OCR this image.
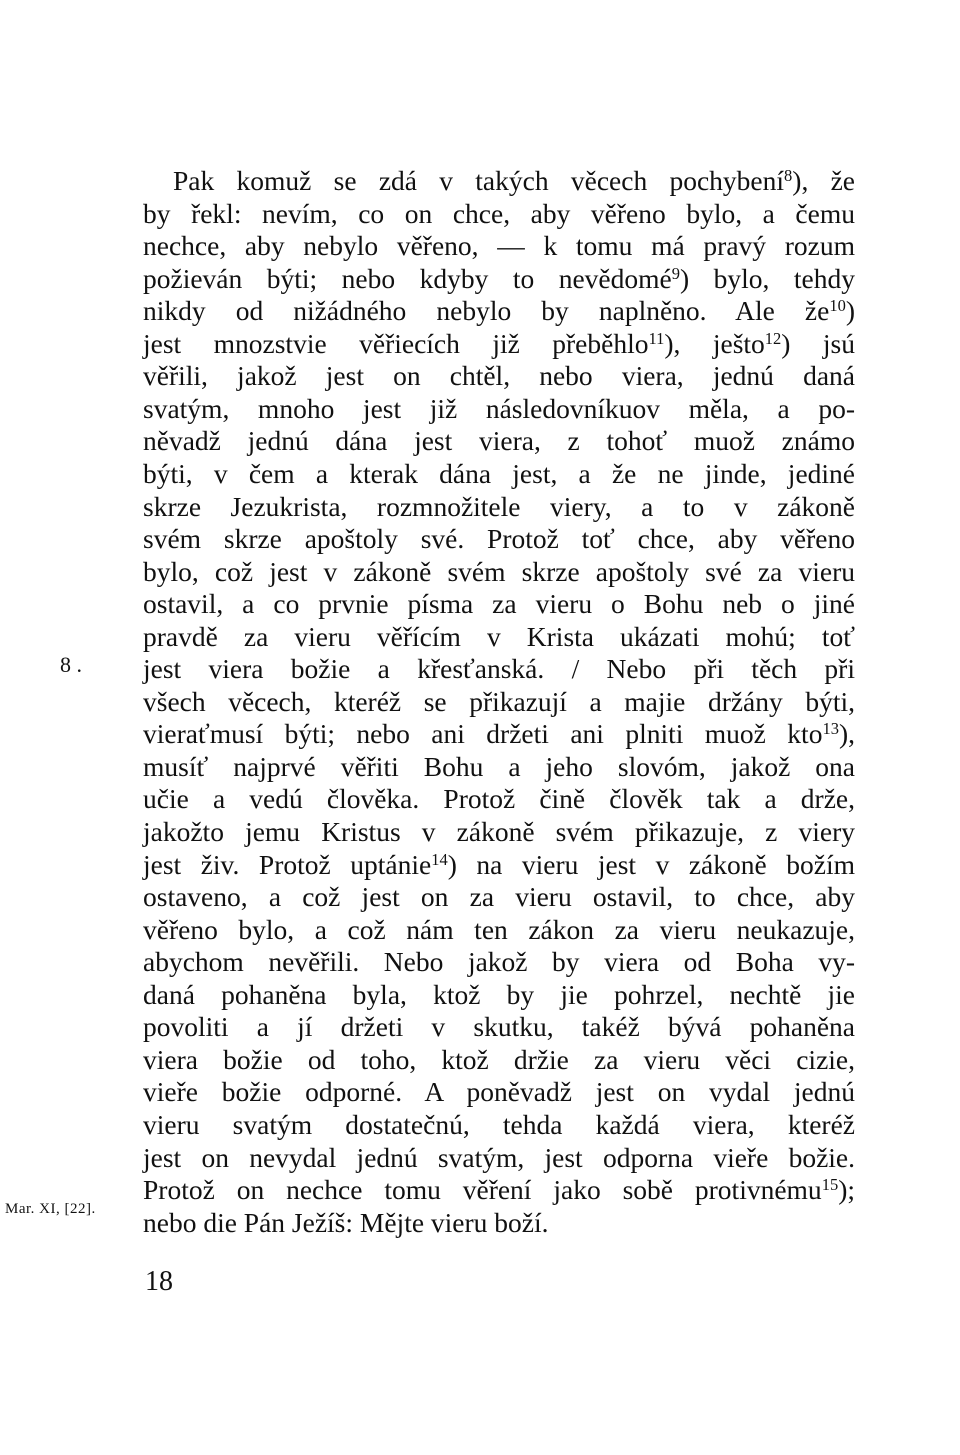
Pak komuž se zdá v takých věcech pochybení$^8$), že
by řekl: nevím, co on chce, aby věřeno bylo, a čemu
nechce, aby nebylo věřeno, — k tomu má pravý rozum
požieván býti; nebo kdyby to nevědomé$^9$) bylo, tehdy
nikdy od nižádného nebylo by naplněno. Ale $že^{10}$)
jest mnozstvie věřiecích již přeběhlo$^{11}$), ješto$^{12}$) jsú
věřili, jakož jest on chtěl, nebo viera, jednú daná
svatým, mnoho jest již následovníkuov měla, a po-
něvadž jednú dána jest viera, z tohoť muož známo
býti, v čem a kterak dána jest, a že ne jinde, jediné
skrze Jezukrista, rozmnožitele viery, a to v zákoně
svém skrze apoštoly své. Protož toť chce, aby věřeno
bylo, což jest v zákoně svém skrze apoštoly své za vieru
ostavil, a co prvnie písma za vieru o Bohu neb o jiné
pravdě za vieru věřícím v Krista ukázati mohú; toť
jest viera božie a křesťanská. / Nebo při těch při
všech věcech, kteréž se přikazují a majie držány býti,
vieraťmusí býti; nebo ani držeti ani plniti muož kto$^{13}$),
musíť najprvé věřiti Bohu a jeho slovóm, jakož ona
učie a vedú člověka. Protož čině člověk tak a drže,
jakožto jemu Kristus v zákoně svém přikazuje, z viery
jest živ. Protož uptánie$^{14}$) na vieru jest v zákoně božím
ostaveno, a což jest on za vieru ostavil, to chce, aby
věřeno bylo, a což nám ten zákon za vieru neukazuje,
abychom nevěřili. Nebo jakož by viera od Boha vy-
daná pohaněna byla, ktož by jie pohrzel, nechtě jie
povoliti a jí držeti v skutku, takéž bývá pohaněna
viera božie od toho, ktož držie za vieru věci cizie,
vieře božie odporné. A poněvadž jest on vydal jednú
vieru svatým dostatečnú, tehda každá viera, kteréž
jest on nevydal jednú svatým, jest odporna vieře božie.
Protož on nechce tomu věření jako sobě protivnému$^{15}$);
nebo die Pán Ježíš: Mějte vieru boží.
8 .
Mar. XI, [22].
18
